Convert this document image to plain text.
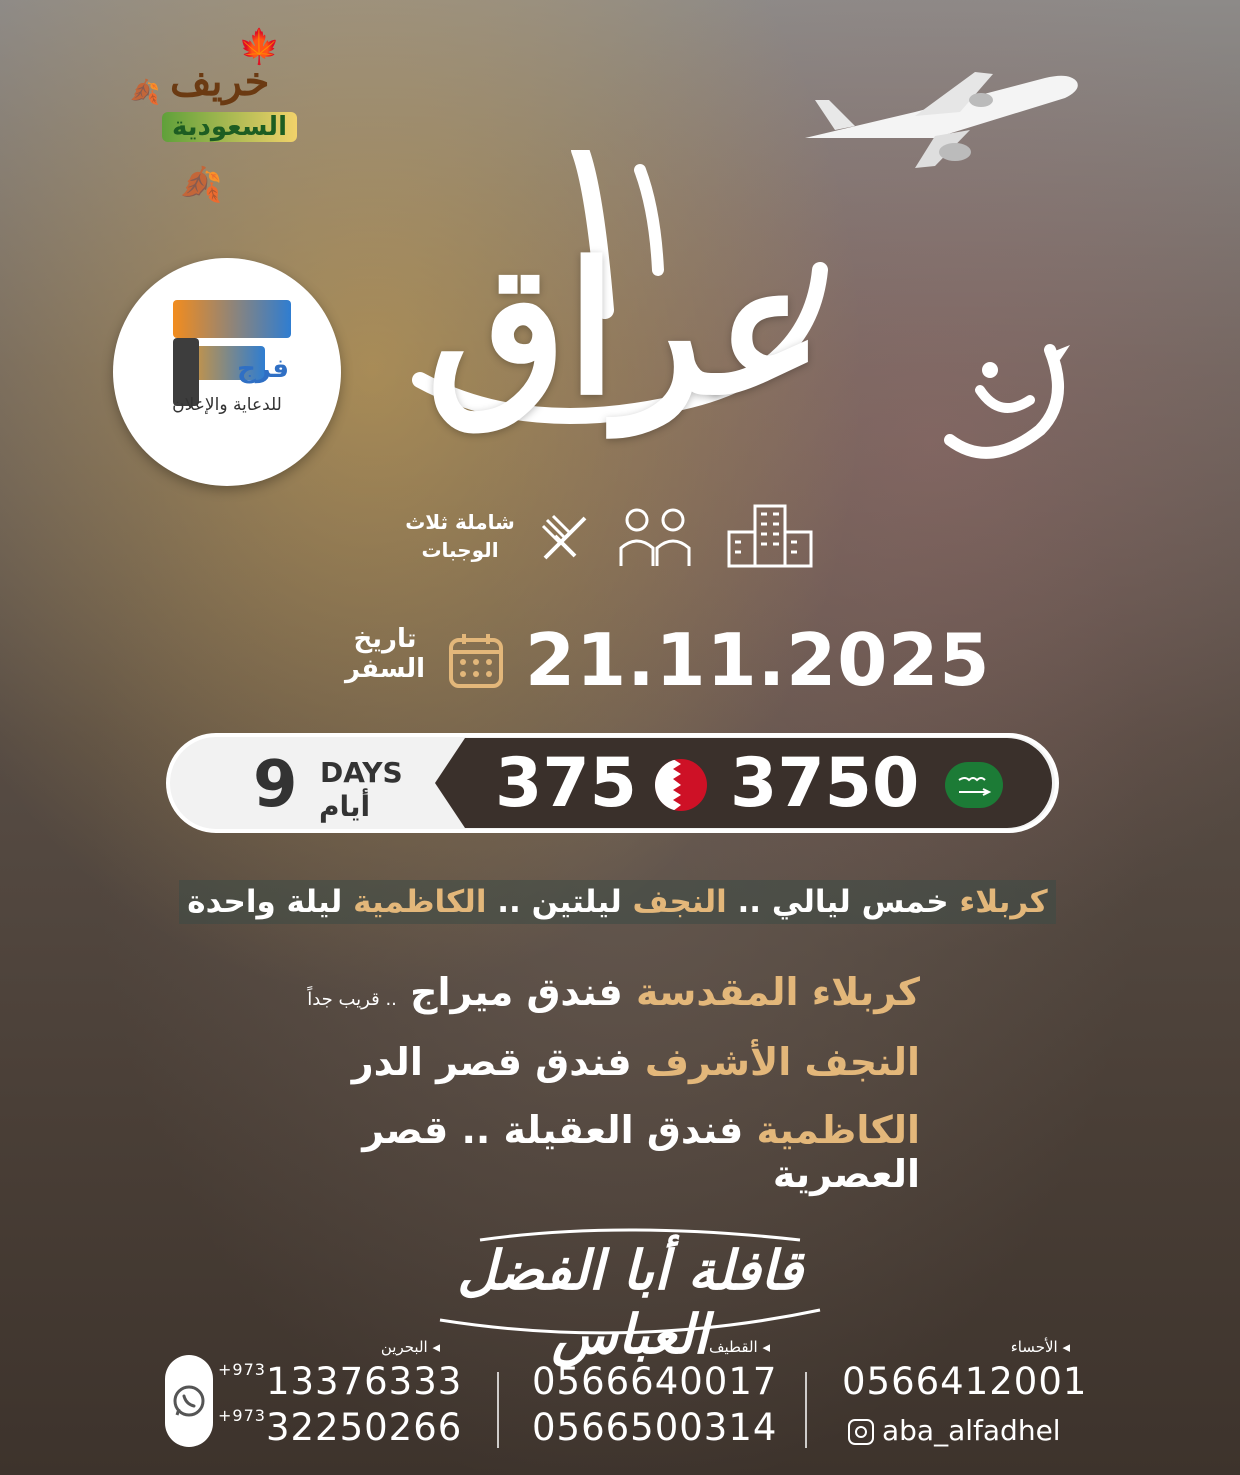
🍁
🍂
🍂
خريف
السعودية
فرج
للدعاية والإعلان عراق
شاملة ثلاث الوجبات
تاريخ السفر 21.11.2025
9 DAYS
أيام 375 3750
كربلاء خمس ليالي .. النجف ليلتين .. الكاظمية ليلة واحدة
كربلاء المقدسة فندق ميراج .. قريب جداً
النجف الأشرف فندق قصر الدر
الكاظمية فندق العقيلة .. قصر العصرية
قافلة أبا الفضل العباس	◂ الأحساء
◂ القطيف
◂ البحرين
0566412001
aba_alfadhel
0566640017
0566500314
$^{+973}$13376333
$^{+973}$32250266
